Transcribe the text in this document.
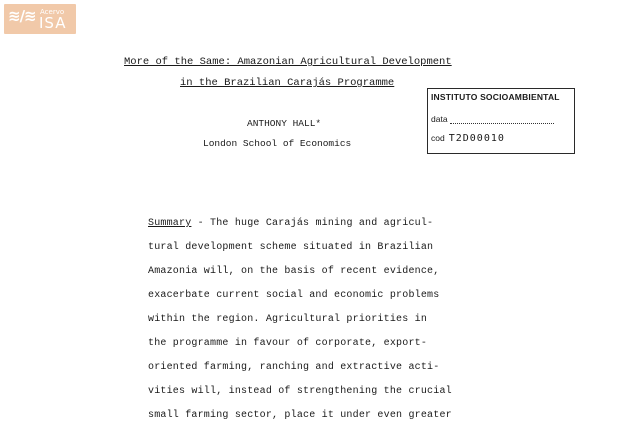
≋∕≋ Acervo
ISA
More of the Same: Amazonian Agricultural Development
in the Brazilian Carajás Programme
ANTHONY HALL*
London School of Economics
INSTITUTO SOCIOAMBIENTAL
data
cod T2D00010
Summary - The huge Carajás mining and agricul-
tural development scheme situated in Brazilian
Amazonia will, on the basis of recent evidence,
exacerbate current social and economic problems
within the region. Agricultural priorities in
the programme in favour of corporate, export-
oriented farming, ranching and extractive acti-
vities will, instead of strengthening the crucial
small farming sector, place it under even greater
